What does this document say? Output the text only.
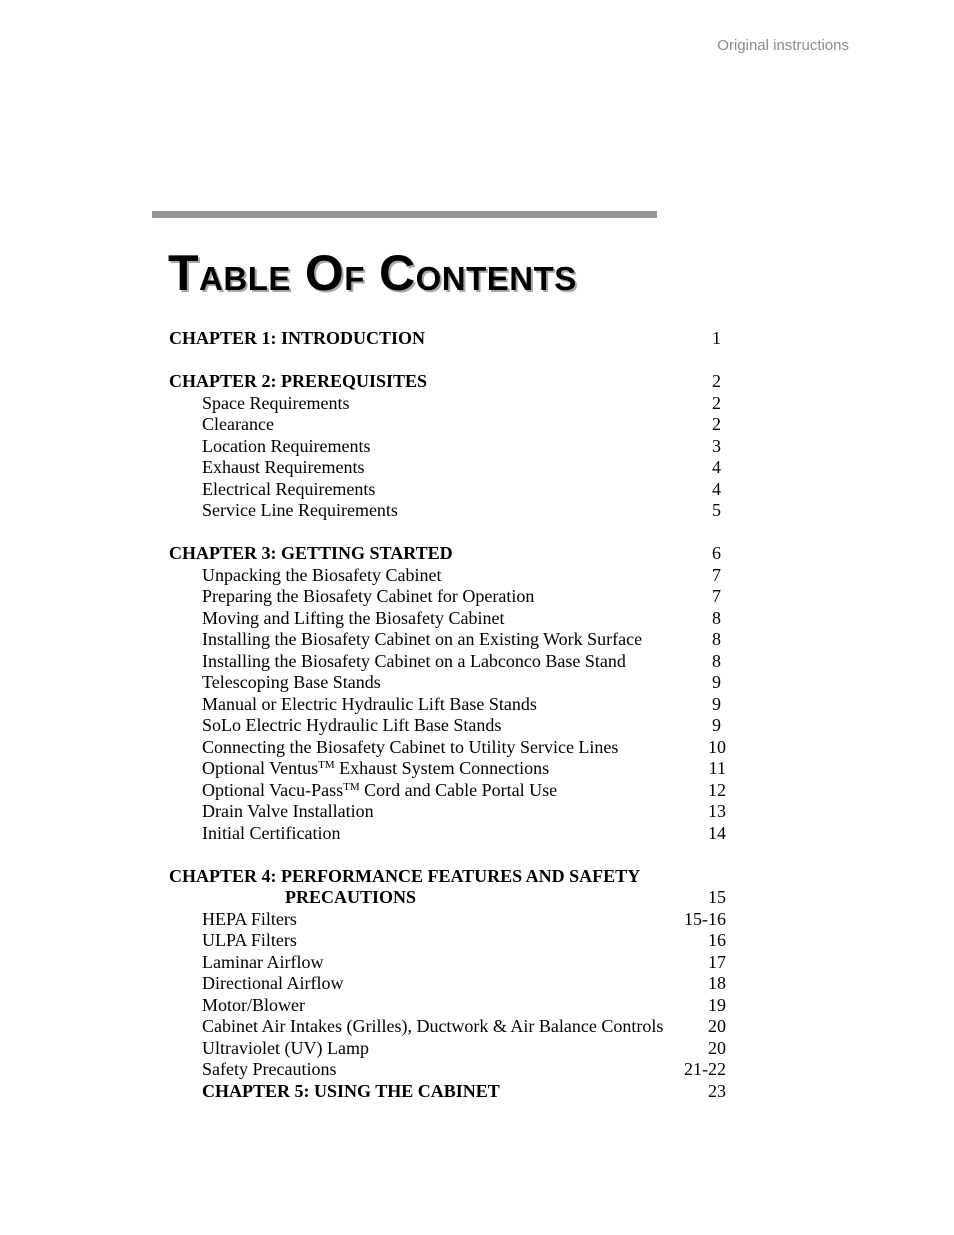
Original instructions
TABLE OF CONTENTS
CHAPTER 1: INTRODUCTION	1
CHAPTER 2: PREREQUISITES	2
Space Requirements	2
Clearance	2
Location Requirements	3
Exhaust Requirements	4
Electrical Requirements	4
Service Line Requirements	5
CHAPTER 3: GETTING STARTED	6
Unpacking the Biosafety Cabinet	7
Preparing the Biosafety Cabinet for Operation	7
Moving and Lifting the Biosafety Cabinet	8
Installing the Biosafety Cabinet on an Existing Work Surface	8
Installing the Biosafety Cabinet on a Labconco Base Stand	8
Telescoping Base Stands	9
Manual or Electric Hydraulic Lift Base Stands	9
SoLo Electric Hydraulic Lift Base Stands	9
Connecting the Biosafety Cabinet to Utility Service Lines	10
Optional Ventus™ Exhaust System Connections	11
Optional Vacu-Pass™ Cord and Cable Portal Use	12
Drain Valve Installation	13
Initial Certification	14
CHAPTER 4: PERFORMANCE FEATURES AND SAFETY
PRECAUTIONS	15
HEPA Filters	15-16
ULPA Filters	16
Laminar Airflow	17
Directional Airflow	18
Motor/Blower	19
Cabinet Air Intakes (Grilles), Ductwork & Air Balance Controls	20
Ultraviolet (UV) Lamp	20
Safety Precautions	21-22
CHAPTER 5: USING THE CABINET	23
